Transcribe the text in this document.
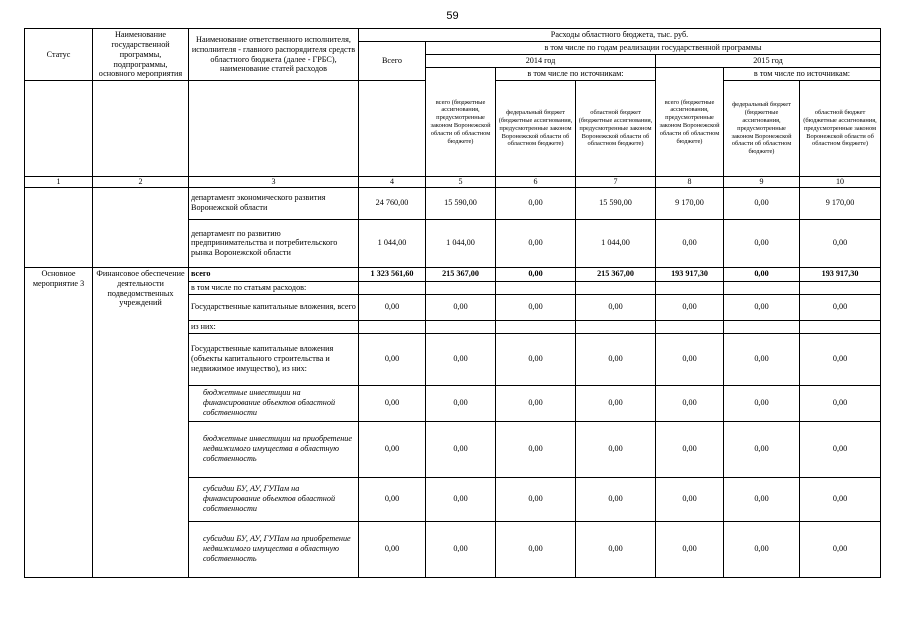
59
Статус	Наименование государственной программы, подпрограммы, основного мероприятия	Наименование ответственного исполнителя, исполнителя - главного распорядителя средств областного бюджета (далее - ГРБС), наименование статей расходов	Расходы областного бюджета, тыс. руб.						
			Всего	в том числе по годам реализации государственной программы					
				2014 год			2015 год		
				всего (бюджетные ассигнования, предусмотренные законом Воронежской области об областном бюджете)	в том числе по источникам:		всего (бюджетные ассигнования, предусмотренные законом Воронежской области об областном бюджете)	в том числе по источникам:	
					федеральный бюджет (бюджетные ассигнования, предусмотренные законом Воронежской области об областном бюджете)	областной бюджет (бюджетные ассигнования, предусмотренные законом Воронежской области об областном бюджете)		федеральный бюджет (бюджетные ассигнования, предусмотренные законом Воронежской области об областном бюджете)	областной бюджет (бюджетные ассигнования, предусмотренные законом Воронежской области об областном бюджете)
1	2	3	4	5	6	7	8	9	10
		департамент экономического развития Воронежской области	24 760,00	15 590,00	0,00	15 590,00	9 170,00	0,00	9 170,00
		департамент по развитию предпринимательства и потребительского рынка Воронежской области	1 044,00	1 044,00	0,00	1 044,00	0,00	0,00	0,00
Основное мероприятие 3	Финансовое обеспечение деятельности подведомственных учреждений	всего	1 323 561,60	215 367,00	0,00	215 367,00	193 917,30	0,00	193 917,30
		в том числе по статьям расходов:							
		Государственные капитальные вложения, всего	0,00	0,00	0,00	0,00	0,00	0,00	0,00
		из них:							
		Государственные капитальные вложения (объекты капитального строительства и недвижимое имущество), из них:	0,00	0,00	0,00	0,00	0,00	0,00	0,00
		бюджетные инвестиции на финансирование объектов областной собственности	0,00	0,00	0,00	0,00	0,00	0,00	0,00
		бюджетные инвестиции на приобретение недвижимого имущества в областную собственность	0,00	0,00	0,00	0,00	0,00	0,00	0,00
		субсидии БУ, АУ, ГУПам на финансирование объектов областной собственности	0,00	0,00	0,00	0,00	0,00	0,00	0,00
		субсидии БУ, АУ, ГУПам на приобретение недвижимого имущества в областную собственность	0,00	0,00	0,00	0,00	0,00	0,00	0,00
